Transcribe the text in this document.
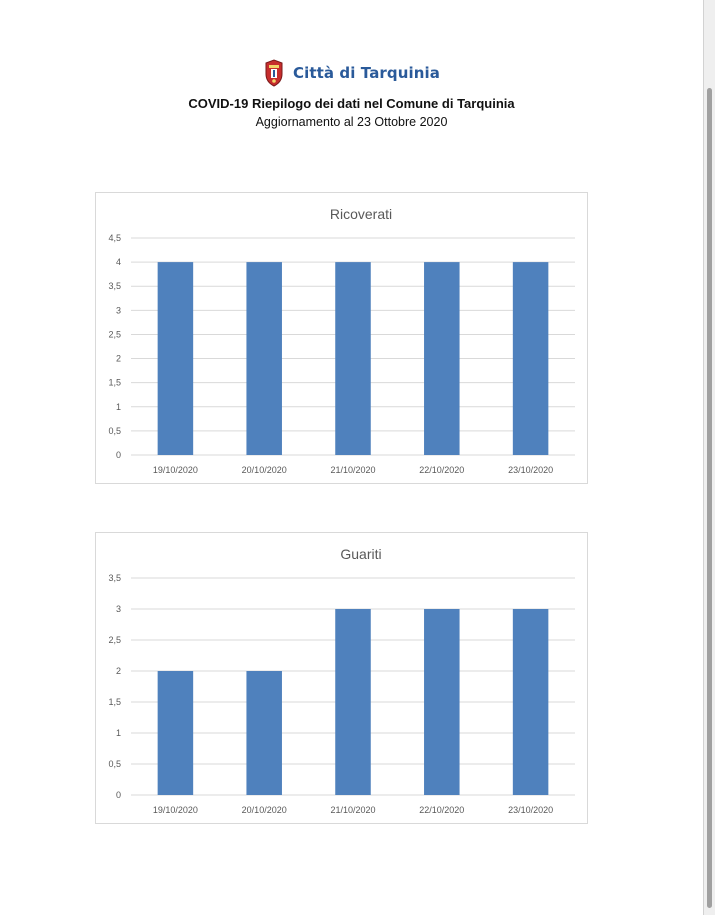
Città di Tarquinia
COVID-19 Riepilogo dei dati nel Comune di Tarquinia
Aggiornamento al 23 Ottobre 2020
Ricoverati
0
0,5
1
1,5
2
2,5
3
3,5
4
4,5
19/10/2020	20/10/2020	21/10/2020	22/10/2020	23/10/2020
Guariti
0
0,5
1
1,5
2
2,5
3
3,5
19/10/2020	20/10/2020	21/10/2020	22/10/2020	23/10/2020
